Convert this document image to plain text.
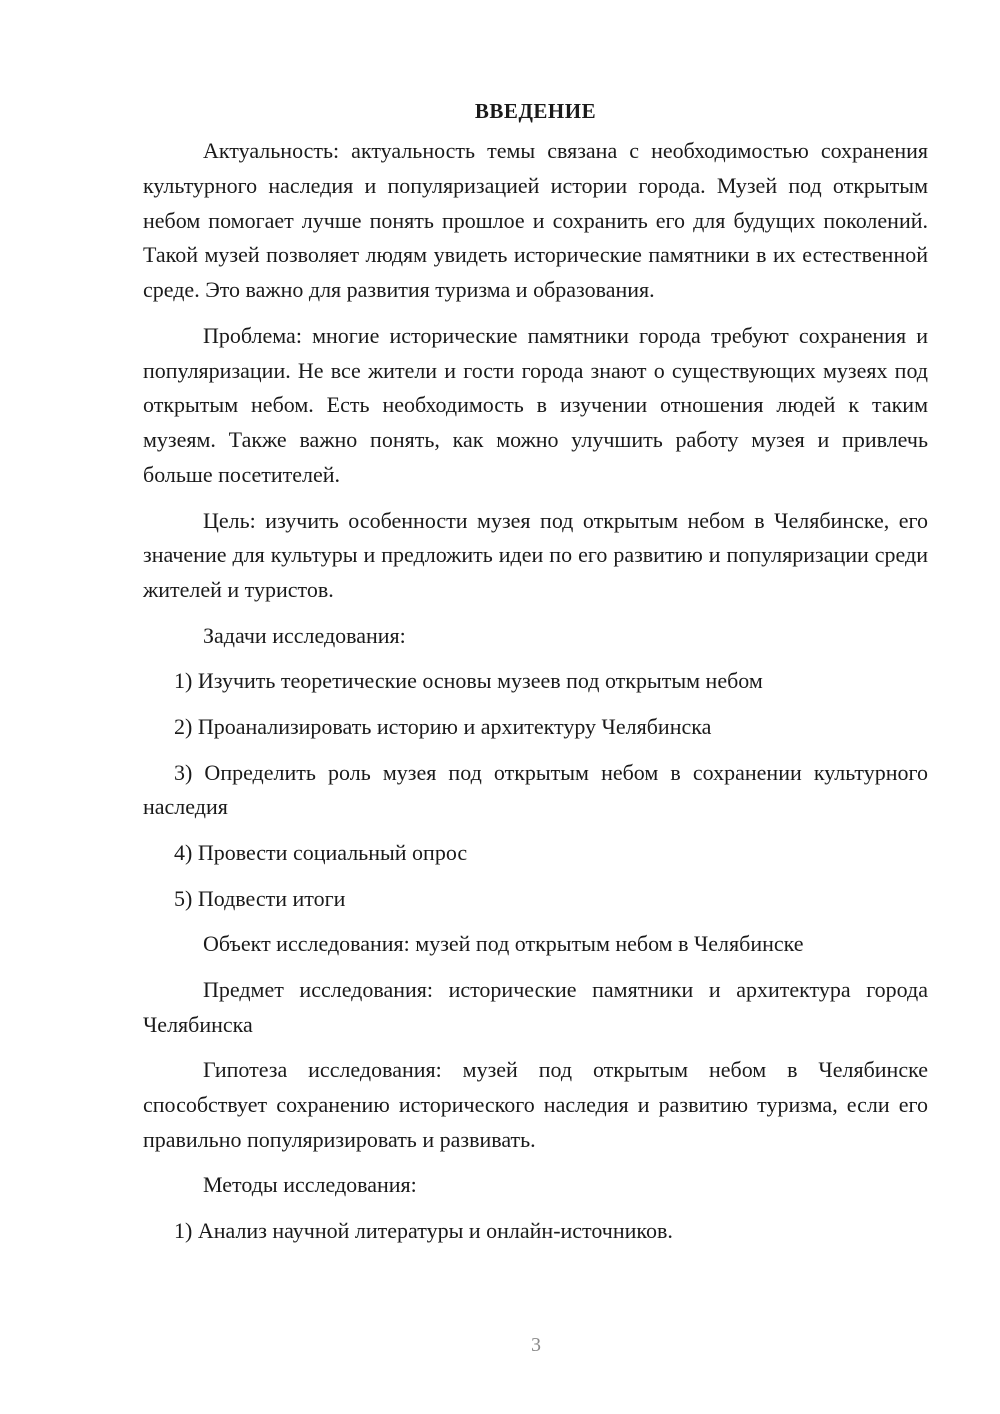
ВВЕДЕНИЕ

Актуальность: актуальность темы связана с необходимостью сохранения культурного наследия и популяризацией истории города. Музей под открытым небом помогает лучше понять прошлое и сохранить его для будущих поколений. Такой музей позволяет людям увидеть исторические памятники в их естественной среде. Это важно для развития туризма и образования.

Проблема: многие исторические памятники города требуют сохранения и популяризации. Не все жители и гости города знают о существующих музеях под открытым небом. Есть необходимость в изучении отношения людей к таким музеям. Также важно понять, как можно улучшить работу музея и привлечь больше посетителей.

Цель: изучить особенности музея под открытым небом в Челябинске, его значение для культуры и предложить идеи по его развитию и популяризации среди жителей и туристов.

Задачи исследования:

1) Изучить теоретические основы музеев под открытым небом

2) Проанализировать историю и архитектуру Челябинска

3) Определить роль музея под открытым небом в сохранении культурного наследия

4) Провести социальный опрос

5) Подвести итоги

Объект исследования: музей под открытым небом в Челябинске

Предмет исследования: исторические памятники и архитектура города Челябинска

Гипотеза исследования: музей под открытым небом в Челябинске способствует сохранению исторического наследия и развитию туризма, если его правильно популяризировать и развивать.

Методы исследования:

1) Анализ научной литературы и онлайн-источников.

3
